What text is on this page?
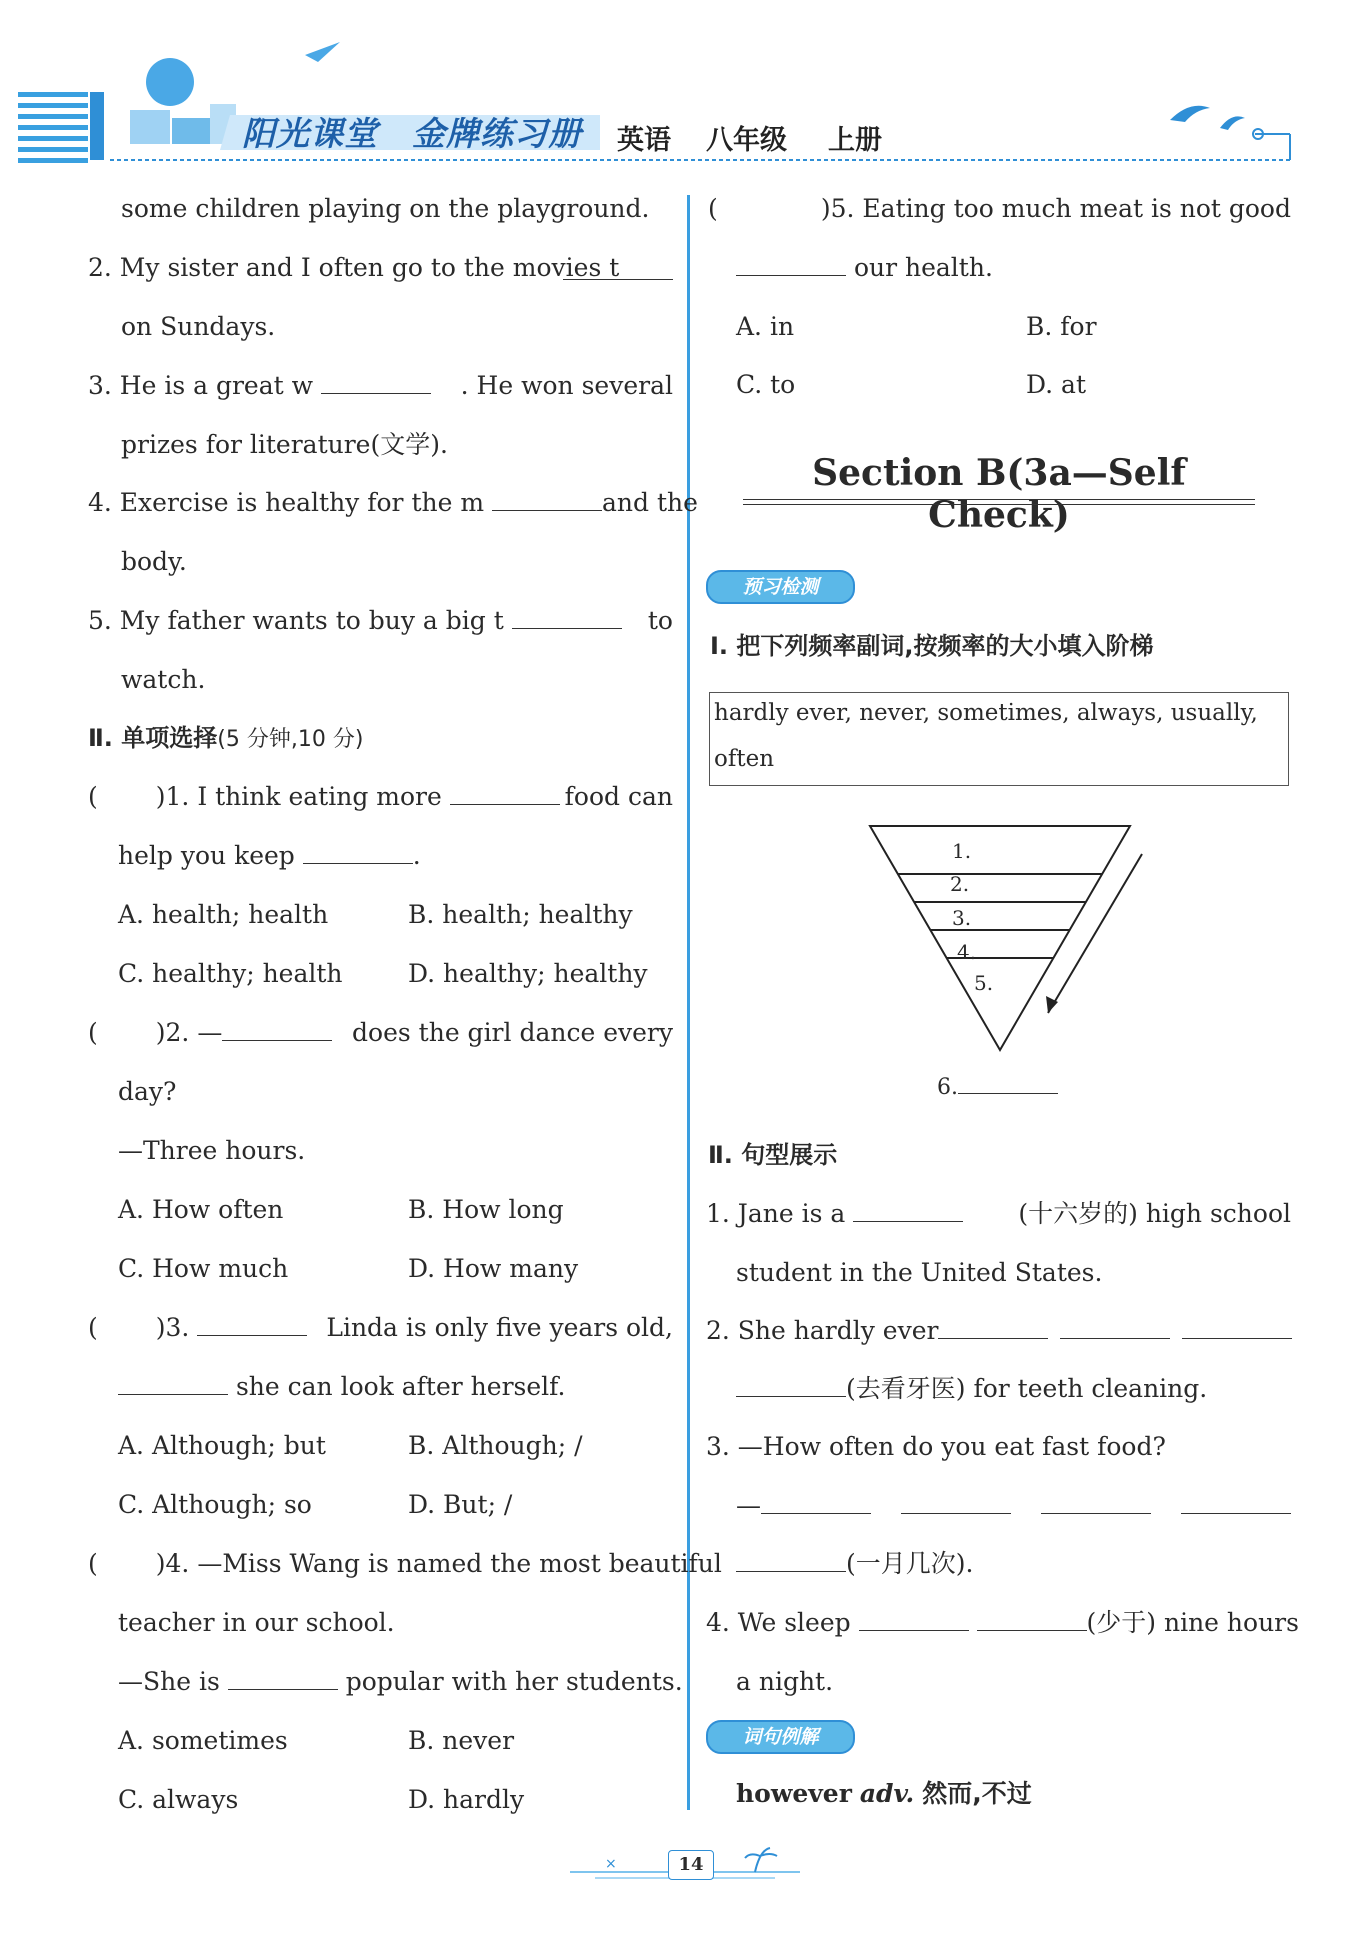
阳光课堂 金牌练习册 英语 八年级 上册
some children playing on the playground.
2. My sister and I often go to the movies t
on Sundays.
3. He is a great w	. He won several
prizes for literature(文学).
4. Exercise is healthy for the m	and the
body.
5. My father wants to buy a big t	to
watch.
Ⅱ. 单项选择(5 分钟,10 分)
( )1. I think eating more	food can
help you keep	.
A. health; health	B. health; healthy
C. healthy; health	D. healthy; healthy
( )2. —	does the girl dance every
day?
—Three hours.
A. How often	B. How long
C. How much	D. How many
( )3.	Linda is only five years old,
she can look after herself.
A. Although; but	B. Although; /
C. Although; so	D. But; /
( )4. —Miss Wang is named the most beautiful
teacher in our school.
—She is	popular with her students.
A. sometimes	B. never
C. always	D. hardly
(	)5. Eating too much meat is not good
our health.
A. in	B. for
C. to	D. at
Section B(3a—Self Check)
预习检测
Ⅰ. 把下列频率副词,按频率的大小填入阶梯
hardly ever, never, sometimes, always, usually,
often
1.
2.
3.
4.
5.
6.
Ⅱ. 句型展示
1. Jane is a	(十六岁的) high school
student in the United States.
2. She hardly ever
(去看牙医) for teeth cleaning.
3. —How often do you eat fast food?
—
(一月几次).
4. We sleep	(少于) nine hours
a night.
词句例解
however adv. 然而,不过
×	14
